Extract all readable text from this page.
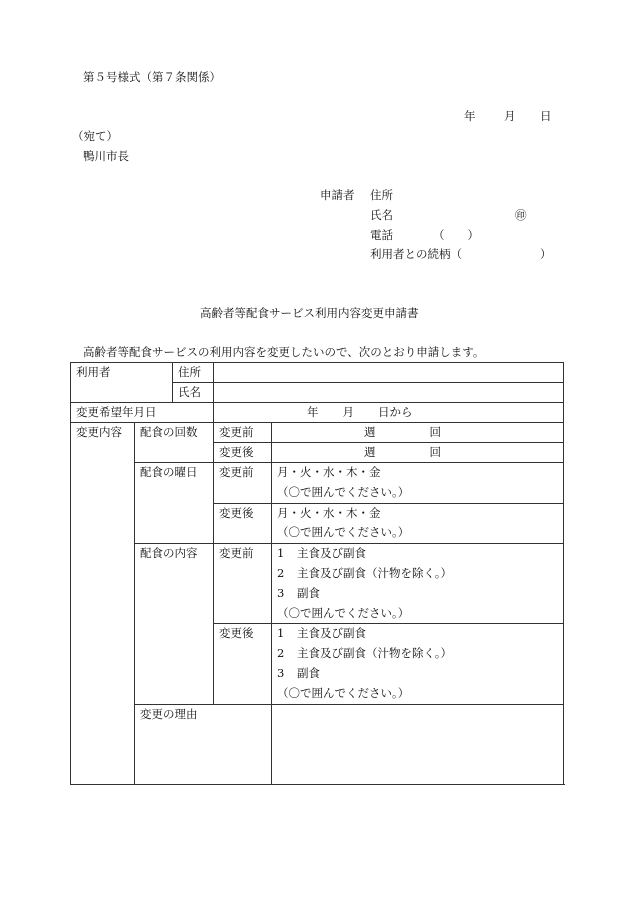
第５号様式（第７条関係）
年 月 日
（宛て）
鴨川市長
申請者 住所
氏名	㊞
電話	（　　）
利用者との続柄（	）
高齢者等配食サービス利用内容変更申請書
高齢者等配食サービスの利用内容を変更したいので、次のとおり申請します。
利用者		住所		
		氏名		
変更希望年月日			年 月 日から	
変更内容	配食の回数		変更前	週 回
			変更後	週 回
	配食の曜日		変更前	月・火・水・木・金
（〇で囲んでください。）

			変更後	月・火・水・木・金
（〇で囲んでください。）

	配食の内容		変更前	1 主食及び副食
2 主食及び副食（汁物を除く。）
3 副食
（〇で囲んでください。）

			変更後	1 主食及び副食
2 主食及び副食（汁物を除く。）
3 副食
（〇で囲んでください。）

	変更の理由			
